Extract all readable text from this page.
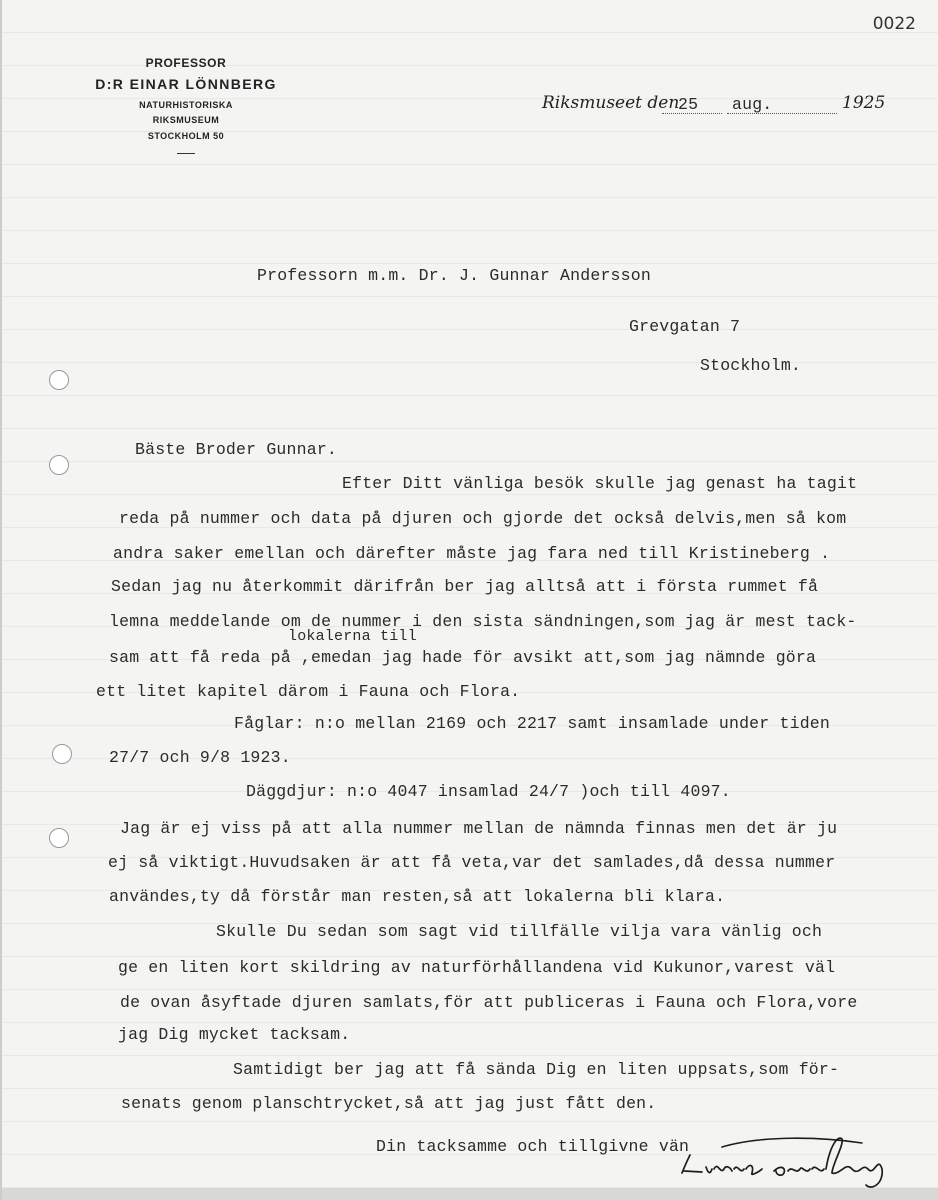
0022
PROFESSOR
D:R EINAR LÖNNBERG
NATURHISTORISKA
RIKSMUSEUM
STOCKHOLM 50
Riksmuseet den
25 aug.	1925
Professorn m.m. Dr. J. Gunnar Andersson
Grevgatan 7
Stockholm.
Bäste Broder Gunnar.
Efter Ditt vänliga besök skulle jag genast ha tagit
reda på nummer och data på djuren och gjorde det också delvis,men så kom
andra saker emellan och därefter måste jag fara ned till Kristineberg .
Sedan jag nu återkommit därifrån ber jag alltså att i första rummet få
lemna meddelande om de nummer i den sista sändningen,som jag är mest tack-
lokalerna till
sam att få reda på ,emedan jag hade för avsikt att,som jag nämnde göra
ett litet kapitel därom i Fauna och Flora.
Fåglar: n:o mellan 2169 och 2217 samt insamlade under tiden
27/7 och 9/8 1923.
Däggdjur: n:o 4047 insamlad 24/7 )och till 4097.
Jag är ej viss på att alla nummer mellan de nämnda finnas men det är ju
ej så viktigt.Huvudsaken är att få veta,var det samlades,då dessa nummer
användes,ty då förstår man resten,så att lokalerna bli klara.
Skulle Du sedan som sagt vid tillfälle vilja vara vänlig och
ge en liten kort skildring av naturförhållandena vid Kukunor,varest väl
de ovan åsyftade djuren samlats,för att publiceras i Fauna och Flora,vore
jag Dig mycket tacksam.
Samtidigt ber jag att få sända Dig en liten uppsats,som för-
senats genom planschtrycket,så att jag just fått den.
Din tacksamme och tillgivne vän
